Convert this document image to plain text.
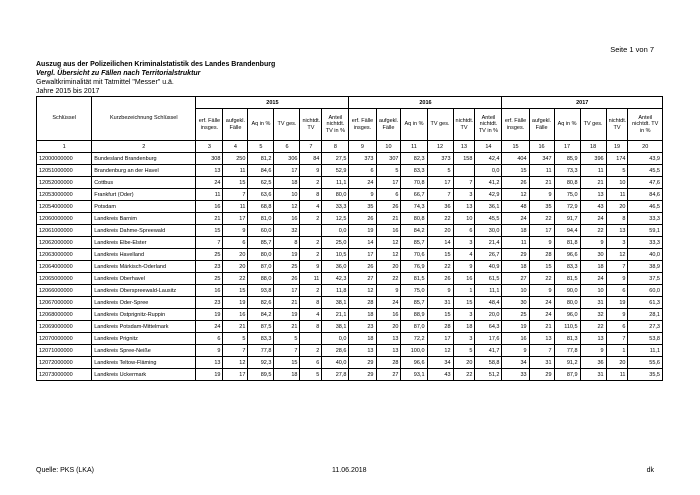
Seite 1 von 7
Auszug aus der Polizeilichen Kriminalstatistik des Landes Brandenburg
Vergl. Übersicht zu Fällen nach Territorialstruktur
Gewaltkriminalität mit Tatmittel "Messer" u.ä.
Jahre 2015 bis 2017
Schlüssel	Kurzbezeichnung Schlüssel	2015						2016						2017					
		erf. Fälle insges.	aufgekl. Fälle	Aq in %	TV ges.	nichtdt. TV	Anteil nichtdt. TV in %	erf. Fälle insges.	aufgekl. Fälle	Aq in %	TV ges.	nichtdt. TV	Anteil nichtdt. TV in %	erf. Fälle insges.	aufgekl. Fälle	Aq in %	TV ges.	nichtdt. TV	Anteil nichtdt. TV in %
1	2	3	4	5	6	7	8	9	10	11	12	13	14	15	16	17	18	19	20
12000000000	Bundesland Brandenburg	308	250	81,2	306	84	27,5	373	307	82,3	373	158	42,4	404	347	85,9	396	174	43,9
12051000000	Brandenburg an der Havel	13	11	84,6	17	9	52,9	6	5	83,3	5		0,0	15	11	73,3	11	5	45,5
12052000000	Cottbus	24	15	62,5	18	2	11,1	24	17	70,8	17	7	41,2	26	21	80,8	21	10	47,6
12053000000	Frankfurt (Oder)	11	7	63,6	10	8	80,0	9	6	66,7	7	3	42,9	12	9	75,0	13	11	84,6
12054000000	Potsdam	16	11	68,8	12	4	33,3	35	26	74,3	36	13	36,1	48	35	72,9	43	20	46,5
12060000000	Landkreis Barnim	21	17	81,0	16	2	12,5	26	21	80,8	22	10	45,5	24	22	91,7	24	8	33,3
12061000000	Landkreis Dahme-Spreewald	15	9	60,0	32		0,0	19	16	84,2	20	6	30,0	18	17	94,4	22	13	59,1
12062000000	Landkreis Elbe-Elster	7	6	85,7	8	2	25,0	14	12	85,7	14	3	21,4	11	9	81,8	9	3	33,3
12063000000	Landkreis Havelland	25	20	80,0	19	2	10,5	17	12	70,6	15	4	26,7	29	28	96,6	30	12	40,0
12064000000	Landkreis Märkisch-Oderland	23	20	87,0	25	9	36,0	26	20	76,9	22	9	40,9	18	15	83,3	18	7	38,9
12065000000	Landkreis Oberhavel	25	22	88,0	26	11	42,3	27	22	81,5	26	16	61,5	27	22	81,5	24	9	37,5
12066000000	Landkreis Oberspreewald-Lausitz	16	15	93,8	17	2	11,8	12	9	75,0	9	1	11,1	10	9	90,0	10	6	60,0
12067000000	Landkreis Oder-Spree	23	19	82,6	21	8	38,1	28	24	85,7	31	15	48,4	30	24	80,0	31	19	61,3
12068000000	Landkreis Ostprignitz-Ruppin	19	16	84,2	19	4	21,1	18	16	88,9	15	3	20,0	25	24	96,0	32	9	28,1
12069000000	Landkreis Potsdam-Mittelmark	24	21	87,5	21	8	38,1	23	20	87,0	28	18	64,3	19	21	110,5	22	6	27,3
12070000000	Landkreis Prignitz	6	5	83,3	5		0,0	18	13	72,2	17	3	17,6	16	13	81,3	13	7	53,8
12071000000	Landkreis Spree-Neiße	9	7	77,8	7	2	28,6	13	13	100,0	12	5	41,7	9	7	77,8	9	1	11,1
12072000000	Landkreis Teltow-Fläming	13	12	92,3	15	6	40,0	29	28	96,6	34	20	58,8	34	31	91,2	36	20	55,6
12073000000	Landkreis Uckermark	19	17	89,5	18	5	27,8	29	27	93,1	43	22	51,2	33	29	87,9	31	11	35,5
Quelle: PKS (LKA)	11.06.2018	dk
